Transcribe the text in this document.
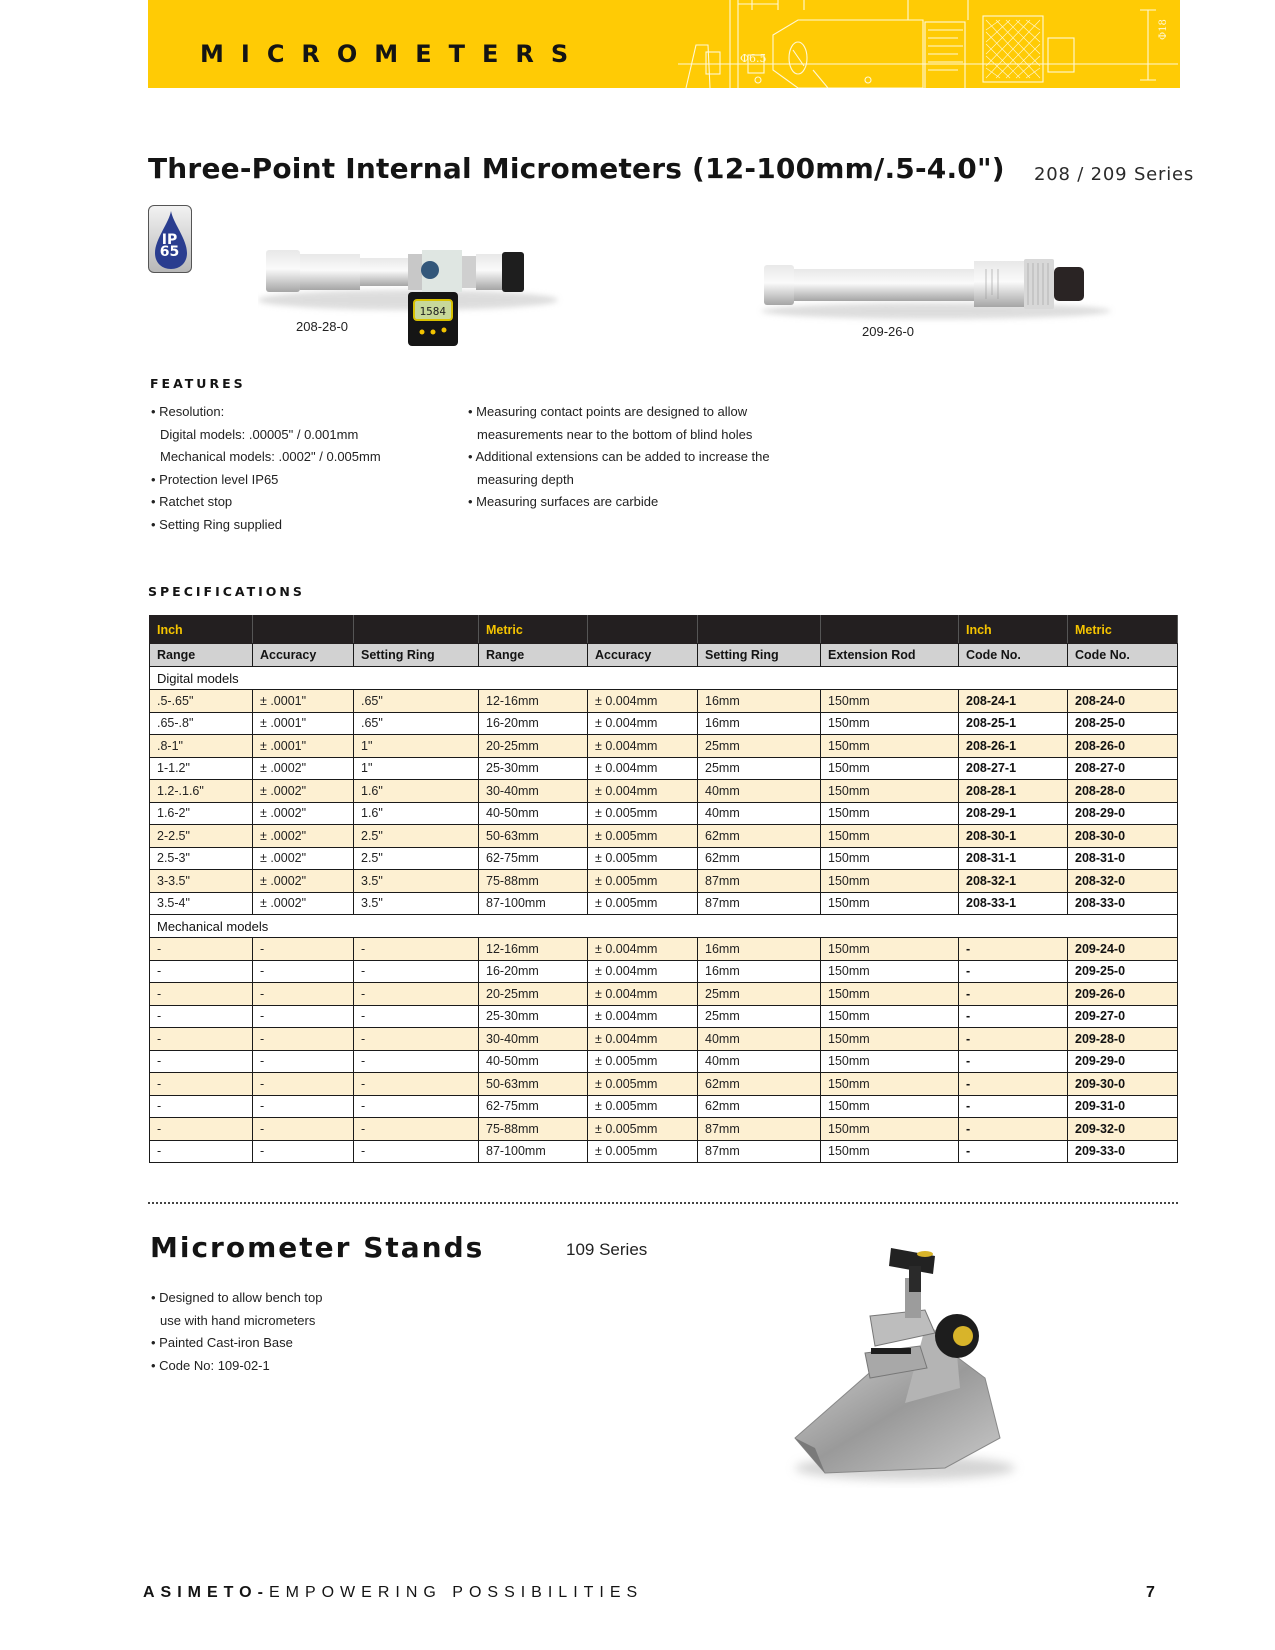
MICROMETERS	Φ6.5
Φ18
Three-Point Internal Micrometers (12-100mm/.5-4.0") 208 / 209 Series
IP
65
1584
208-28-0	209-26-0
FEATURES
• Resolution:
Digital models: .00005" / 0.001mm
Mechanical models: .0002" / 0.005mm
• Protection level IP65
• Ratchet stop
• Setting Ring supplied
• Measuring contact points are designed to allow
measurements near to the bottom of blind holes
• Additional extensions can be added to increase the
measuring depth
• Measuring surfaces are carbide
SPECIFICATIONS
Inch			Metric				Inch	Metric
Range	Accuracy	Setting Ring	Range	Accuracy	Setting Ring	Extension Rod	Code No.	Code No.
Digital models								
.5-.65"	± .0001"	.65"	12-16mm	± 0.004mm	16mm	150mm	208-24-1	208-24-0
.65-.8"	± .0001"	.65"	16-20mm	± 0.004mm	16mm	150mm	208-25-1	208-25-0
.8-1"	± .0001"	1"	20-25mm	± 0.004mm	25mm	150mm	208-26-1	208-26-0
1-1.2"	± .0002"	1"	25-30mm	± 0.004mm	25mm	150mm	208-27-1	208-27-0
1.2-.1.6"	± .0002"	1.6"	30-40mm	± 0.004mm	40mm	150mm	208-28-1	208-28-0
1.6-2"	± .0002"	1.6"	40-50mm	± 0.005mm	40mm	150mm	208-29-1	208-29-0
2-2.5"	± .0002"	2.5"	50-63mm	± 0.005mm	62mm	150mm	208-30-1	208-30-0
2.5-3"	± .0002"	2.5"	62-75mm	± 0.005mm	62mm	150mm	208-31-1	208-31-0
3-3.5"	± .0002"	3.5"	75-88mm	± 0.005mm	87mm	150mm	208-32-1	208-32-0
3.5-4"	± .0002"	3.5"	87-100mm	± 0.005mm	87mm	150mm	208-33-1	208-33-0
Mechanical models								
-	-	-	12-16mm	± 0.004mm	16mm	150mm	-	209-24-0
-	-	-	16-20mm	± 0.004mm	16mm	150mm	-	209-25-0
-	-	-	20-25mm	± 0.004mm	25mm	150mm	-	209-26-0
-	-	-	25-30mm	± 0.004mm	25mm	150mm	-	209-27-0
-	-	-	30-40mm	± 0.004mm	40mm	150mm	-	209-28-0
-	-	-	40-50mm	± 0.005mm	40mm	150mm	-	209-29-0
-	-	-	50-63mm	± 0.005mm	62mm	150mm	-	209-30-0
-	-	-	62-75mm	± 0.005mm	62mm	150mm	-	209-31-0
-	-	-	75-88mm	± 0.005mm	87mm	150mm	-	209-32-0
-	-	-	87-100mm	± 0.005mm	87mm	150mm	-	209-33-0
Micrometer Stands	109 Series
• Designed to allow bench top
use with hand micrometers
• Painted Cast-iron Base
• Code No: 109-02-1
ASIMETO-EMPOWERING POSSIBILITIES	7
